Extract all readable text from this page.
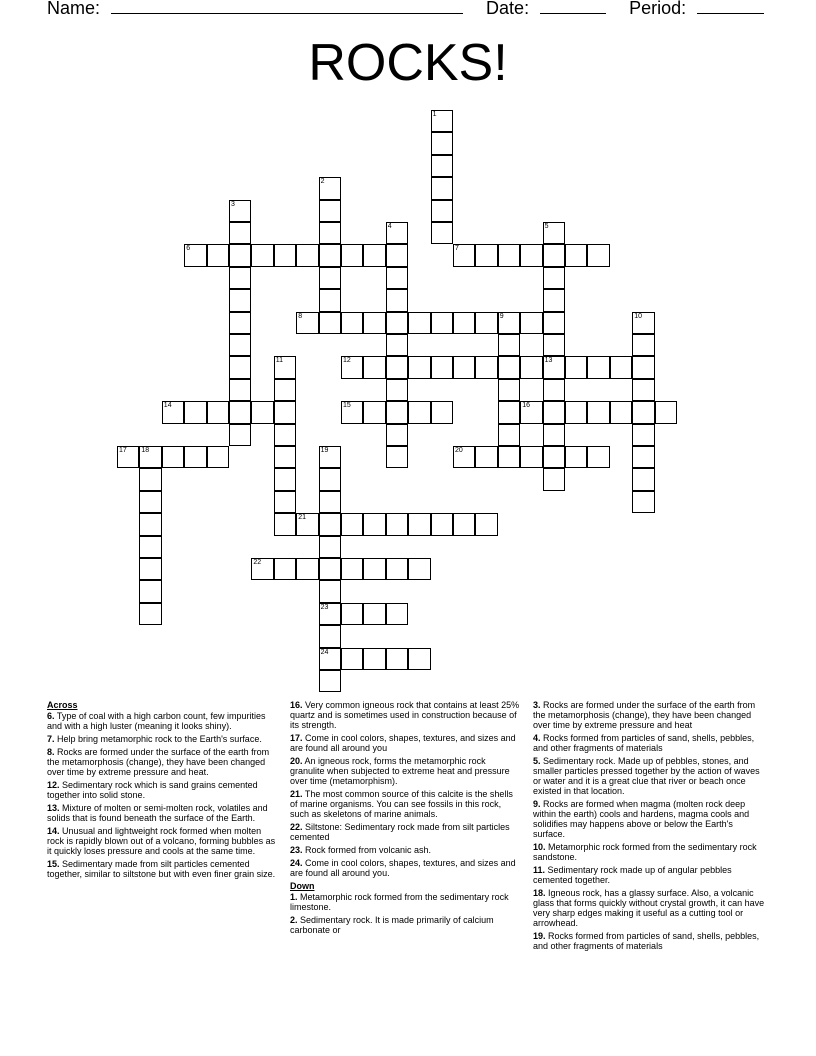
Name:	Date:	Period:
ROCKS!
1
2
3
4	5
13
6	7
8	9	10
11	12
14	15	16
17 18	19
23
24
20
21
22
Across
6. Type of coal with a high carbon count, few impurities and with a high luster (meaning it looks shiny).
7. Help bring metamorphic rock to the Earth's surface.
8. Rocks are formed under the surface of the earth from the metamorphosis (change), they have been changed over time by extreme pressure and heat.
12. Sedimentary rock which is sand grains cemented together into solid stone.
13. Mixture of molten or semi-molten rock, volatiles and solids that is found beneath the surface of the Earth.
14. Unusual and lightweight rock formed when molten rock is rapidly blown out of a volcano, forming bubbles as it quickly loses pressure and cools at the same time.
15. Sedimentary made from silt particles cemented together, similar to siltstone but with even finer grain size.
16. Very common igneous rock that contains at least 25% quartz and is sometimes used in construction because of its strength.
17. Come in cool colors, shapes, textures, and sizes and are found all around you
20. An igneous rock, forms the metamorphic rock granulite when subjected to extreme heat and pressure over time (metamorphism).
21. The most common source of this calcite is the shells of marine organisms. You can see fossils in this rock, such as skeletons of marine animals.
22. Siltstone: Sedimentary rock made from silt particles cemented
23. Rock formed from volcanic ash.
24. Come in cool colors, shapes, textures, and sizes and are found all around you.
Down
1. Metamorphic rock formed from the sedimentary rock limestone.
2. Sedimentary rock. It is made primarily of calcium carbonate or
3. Rocks are formed under the surface of the earth from the metamorphosis (change), they have been changed over time by extreme pressure and heat
4. Rocks formed from particles of sand, shells, pebbles, and other fragments of materials
5. Sedimentary rock. Made up of pebbles, stones, and smaller particles pressed together by the action of waves or water and it is a great clue that river or beach once existed in that location.
9. Rocks are formed when magma (molten rock deep within the earth) cools and hardens, magma cools and solidifies may happens above or below the Earth's surface.
10. Metamorphic rock formed from the sedimentary rock sandstone.
11. Sedimentary rock made up of angular pebbles cemented together.
18. Igneous rock, has a glassy surface. Also, a volcanic glass that forms quickly without crystal growth, it can have very sharp edges making it useful as a cutting tool or arrowhead.
19. Rocks formed from particles of sand, shells, pebbles, and other fragments of materials
